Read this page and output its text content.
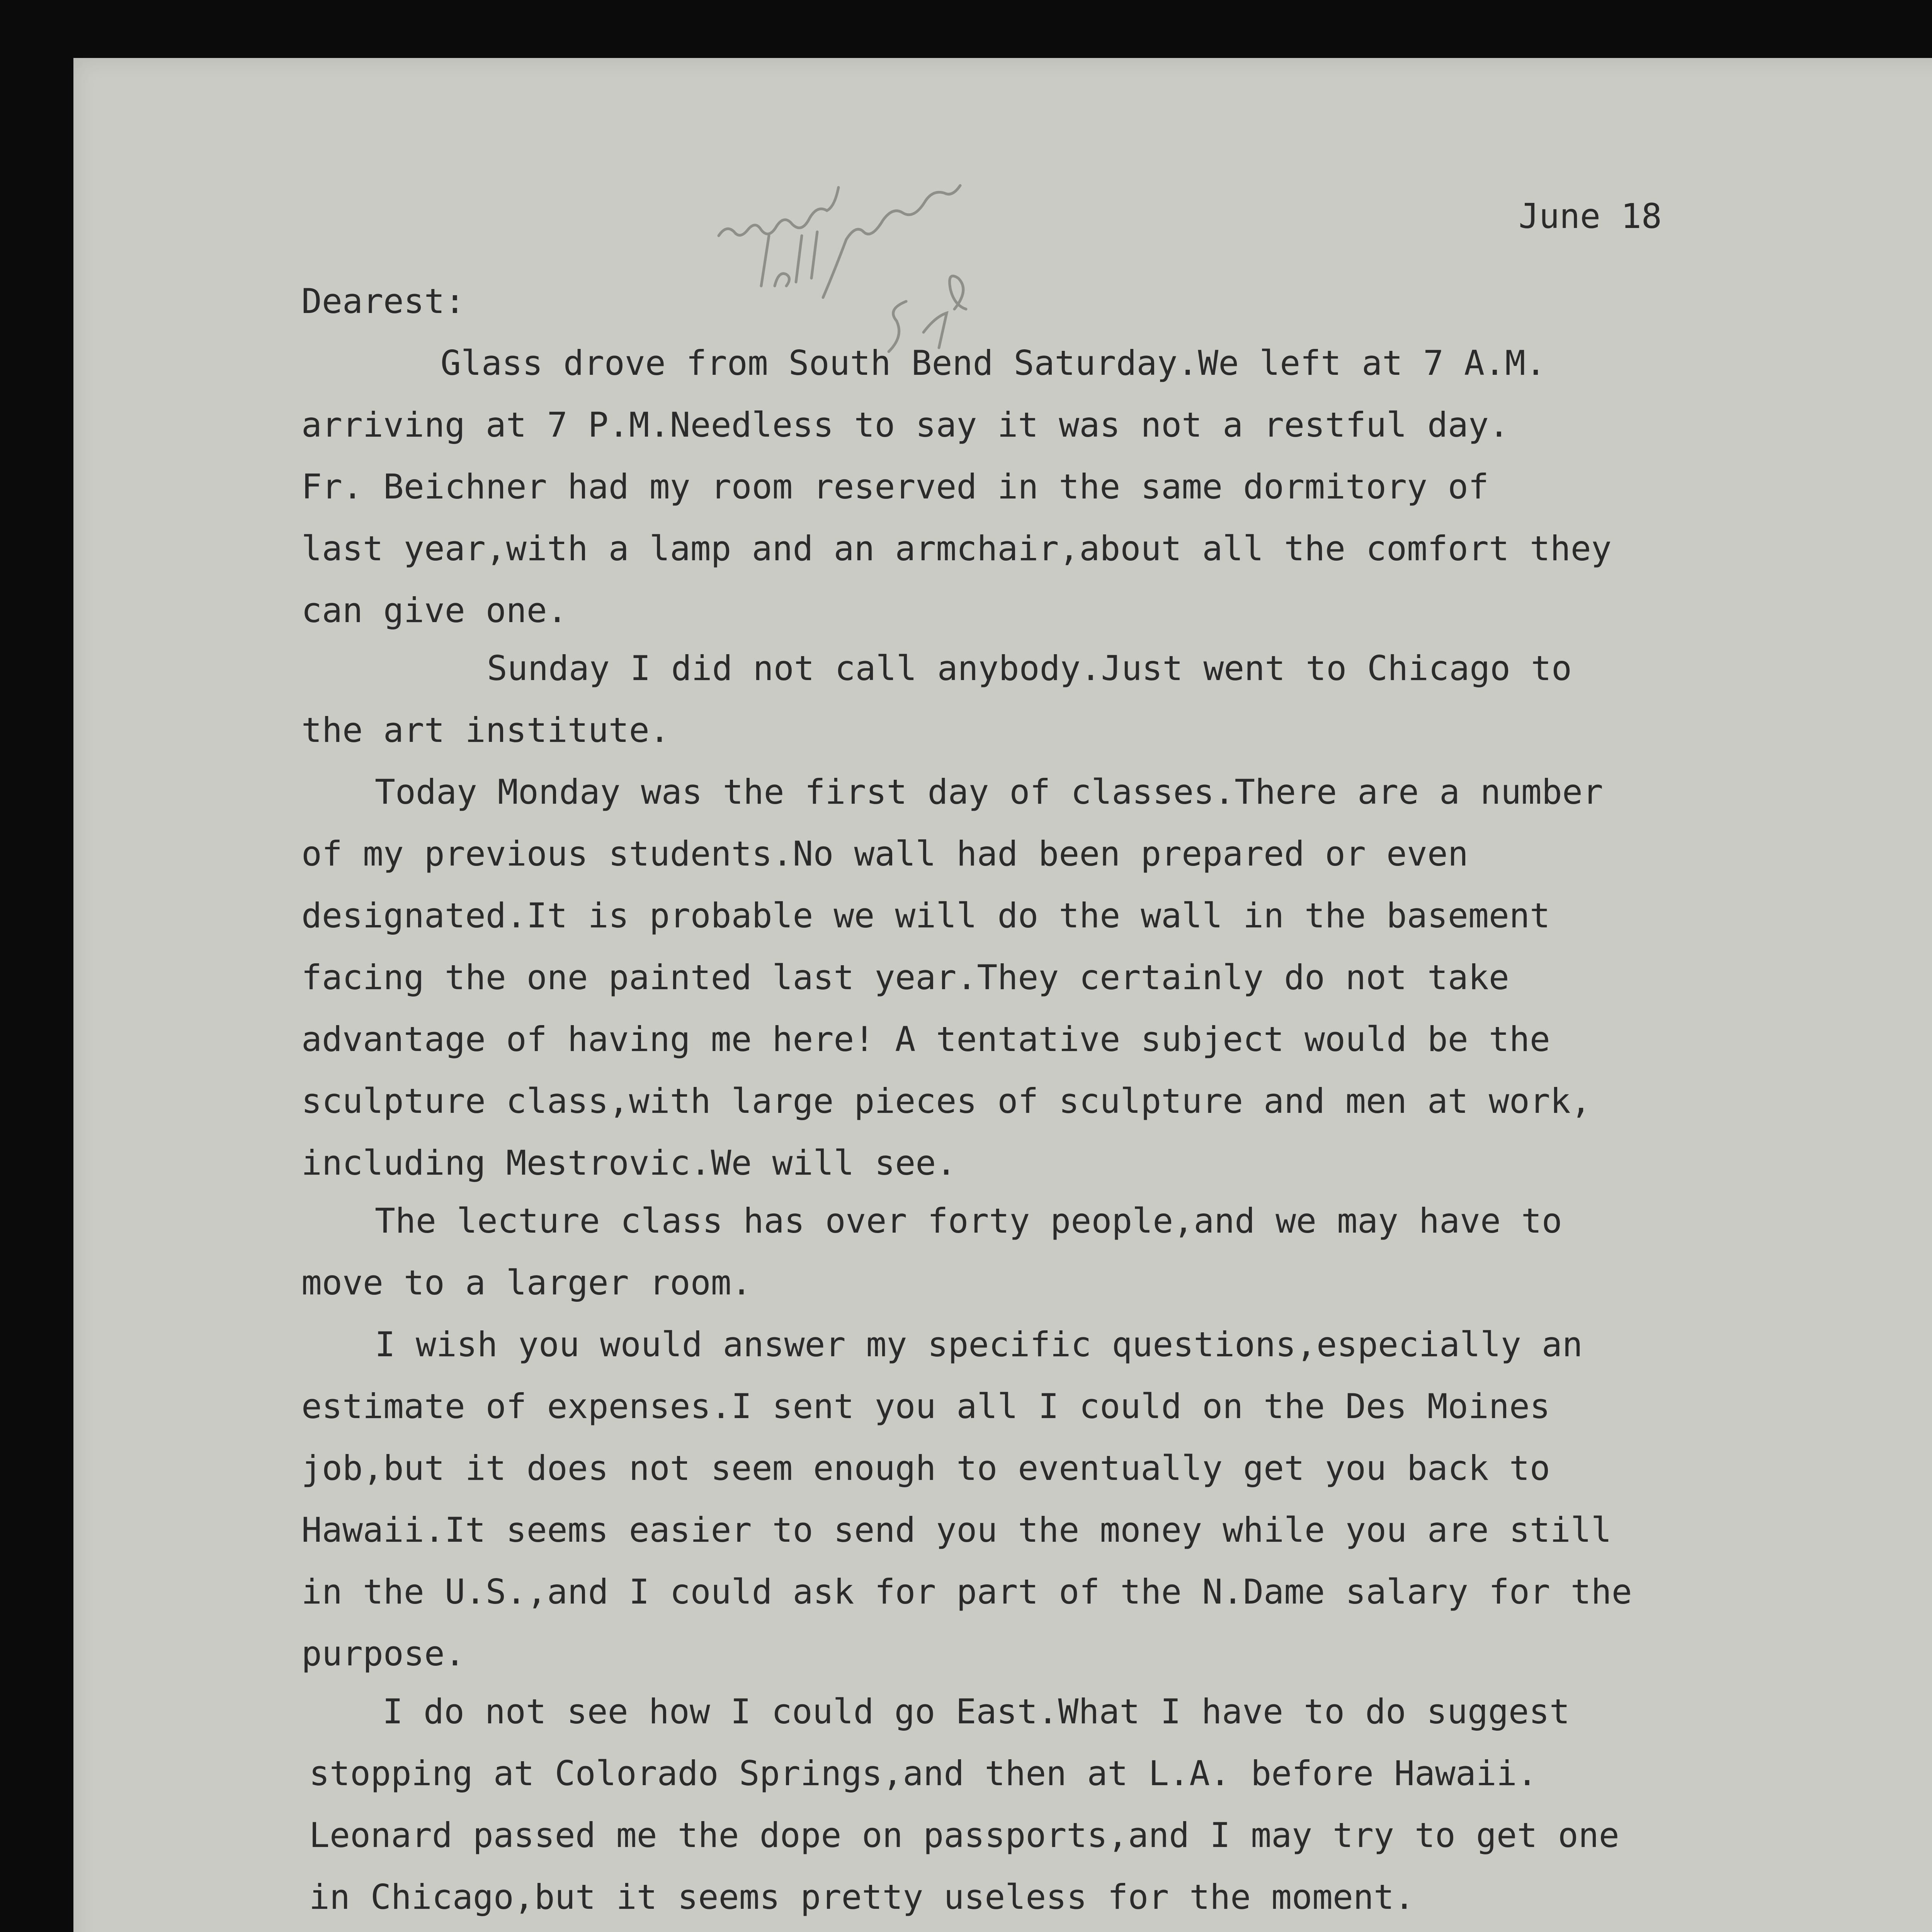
June 18
Dearest:
Glass drove from South Bend Saturday.We left at 7 A.M.
arriving at 7 P.M.Needless to say it was not a restful day.
Fr. Beichner had my room reserved in the same dormitory of
last year,with a lamp and an armchair,about all the comfort they
can give one.
Sunday I did not call anybody.Just went to Chicago to
the art institute.
Today Monday was the first day of classes.There are a number
of my previous students.No wall had been prepared or even
designated.It is probable we will do the wall in the basement
facing the one painted last year.They certainly do not take
advantage of having me here! A tentative subject would be the
sculpture class,with large pieces of sculpture and men at work,
including Mestrovic.We will see.
The lecture class has over forty people,and we may have to
move to a larger room.
I wish you would answer my specific questions,especially an
estimate of expenses.I sent you all I could on the Des Moines
job,but it does not seem enough to eventually get you back to
Hawaii.It seems easier to send you the money while you are still
in the U.S.,and I could ask for part of the N.Dame salary for the
purpose.
I do not see how I could go East.What I have to do suggest
stopping at Colorado Springs,and then at L.A. before Hawaii.
Leonard passed me the dope on passports,and I may try to get one
in Chicago,but it seems pretty useless for the moment.
